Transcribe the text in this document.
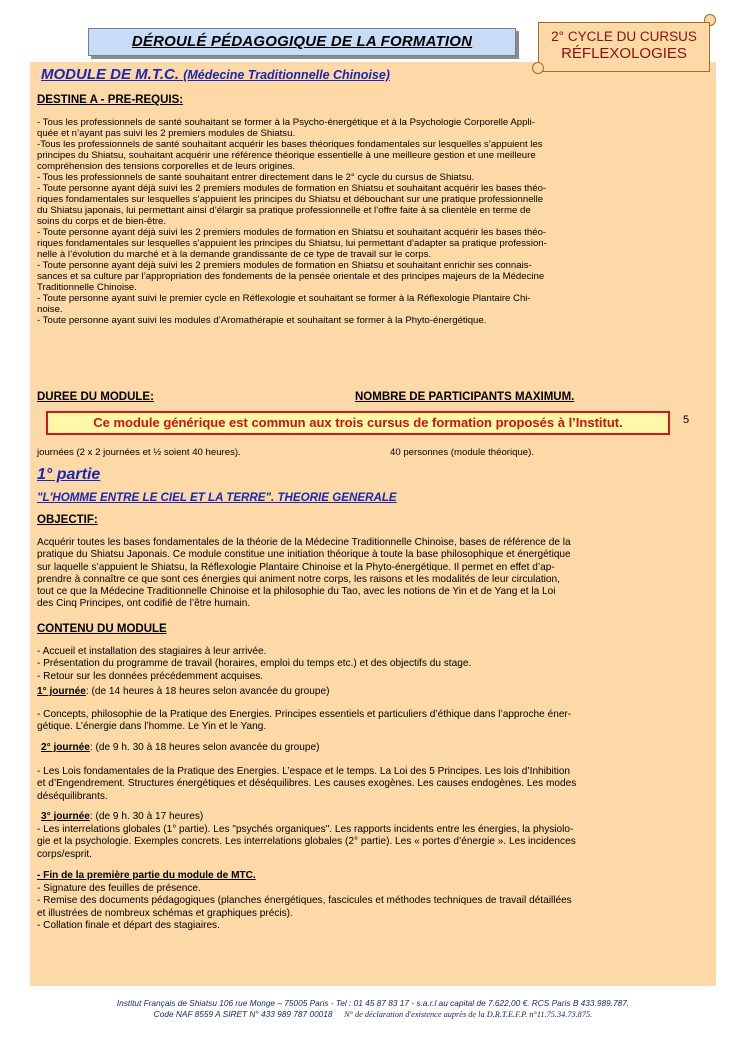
DÉROULÉ PÉDAGOGIQUE DE LA FORMATION	2° CYCLE DU CURSUS
RÉFLEXOLOGIES
MODULE DE M.T.C. (Médecine Traditionnelle Chinoise)
DESTINE A - PRE-REQUIS:

- Tous les professionnels de santé souhaitant se former à la Psycho-énergétique et à la Psychologie Corporelle Appli-

quée et n’ayant pas suivi les 2 premiers modules de Shiatsu.

-Tous les professionnels de santé souhaitant acquérir les bases théoriques fondamentales sur lesquelles s’appuient les

principes du Shiatsu, souhaitant acquérir une référence théorique essentielle à une meilleure gestion et une meilleure

compréhension des tensions corporelles et de leurs origines.

- Tous les professionnels de santé souhaitant entrer directement dans le 2° cycle du cursus de Shiatsu.

- Toute personne ayant déjà suivi les 2 premiers modules de formation en Shiatsu et souhaitant acquérir les bases théo-

riques fondamentales sur lesquelles s’appuient les principes du Shiatsu et débouchant sur une pratique professionnelle

du Shiatsu japonais, lui permettant ainsi d’élargir sa pratique professionnelle et l’offre faite à sa clientèle en terme de

soins du corps et de bien-être.

- Toute personne ayant déjà suivi les 2 premiers modules de formation en Shiatsu et souhaitant acquérir les bases théo-

riques fondamentales sur lesquelles s’appuient les principes du Shiatsu, lui permettant d’adapter sa pratique profession-

nelle à l’évolution du marché et à la demande grandissante de ce type de travail sur le corps.

- Toute personne ayant déjà suivi les 2 premiers modules de formation en Shiatsu et souhaitant enrichir ses connais-

sances et sa culture par l’appropriation des fondements de la pensée orientale et des principes majeurs de la Médecine

Traditionnelle Chinoise.

- Toute personne ayant suivi le premier cycle en Réflexologie et souhaitant se former à la Réflexologie Plantaire Chi-

noise.

- Toute personne ayant suivi les modules d’Aromathérapie et souhaitant se former à la Phyto-énergétique.

DUREE DU MODULE:	NOMBRE DE PARTICIPANTS MAXIMUM.
Ce module générique est commun aux trois cursus de formation proposés à l’Institut.	5
journées (2 x 2 journées et ½ soient 40 heures).	40 personnes (module théorique).
1° partie
"L'HOMME ENTRE LE CIEL ET LA TERRE". THEORIE GENERALE
OBJECTIF:

Acquérir toutes les bases fondamentales de la théorie de la Médecine Traditionnelle Chinoise, bases de référence de la

pratique du Shiatsu Japonais. Ce module constitue une initiation théorique à toute la base philosophique et énergétique

sur laquelle s’appuient le Shiatsu, la Réflexologie Plantaire Chinoise et la Phyto-énergétique. Il permet en effet d’ap-

prendre à connaître ce que sont ces énergies qui animent notre corps, les raisons et les modalités de leur circulation,

tout ce que la Médecine Traditionnelle Chinoise et la philosophie du Tao, avec les notions de Yin et de Yang et la Loi

des Cinq Principes, ont codifié de l’être humain.

CONTENU DU MODULE

- Accueil et installation des stagiaires à leur arrivée.

- Présentation du programme de travail (horaires, emploi du temps etc.) et des objectifs du stage.

- Retour sur les données précédemment acquises.

1° journée: (de 14 heures à 18 heures selon avancée du groupe)

- Concepts, philosophie de la Pratique des Energies. Principes essentiels et particuliers d’éthique dans l’approche éner-

gétique. L’énergie dans l’homme. Le Yin et le Yang.

2° journée: (de 9 h. 30 à 18 heures selon avancée du groupe)

- Les Lois fondamentales de la Pratique des Energies. L’espace et le temps. La Loi des 5 Principes. Les lois d’Inhibition

et d’Engendrement. Structures énergétiques et déséquilibres. Les causes exogènes. Les causes endogènes. Les modes

déséquilibrants.

3° journée: (de 9 h. 30 à 17 heures)

- Les interrelations globales (1° partie). Les "psychés organiques". Les rapports incidents entre les énergies, la physiolo-

gie et la psychologie. Exemples concrets. Les interrelations globales (2° partie). Les « portes d’énergie ». Les incidences

corps/esprit.

- Fin de la première partie du module de MTC.

- Signature des feuilles de présence.

- Remise des documents pédagogiques (planches énergétiques, fascicules et méthodes techniques de travail détaillées

et illustrées de nombreux schémas et graphiques précis).

- Collation finale et départ des stagiaires.

Institut Français de Shiatsu 106 rue Monge – 75005 Paris - Tel : 01 45 87 83 17 - s.a.r.l au capital de 7.622,00 €. RCS Paris B 433.989.787.
Code NAF 8559 A SIRET N° 433 989 787 00018 N° de déclaration d'existence auprès de la D.R.T.E.F.P. n°11.75.34.73.875.
